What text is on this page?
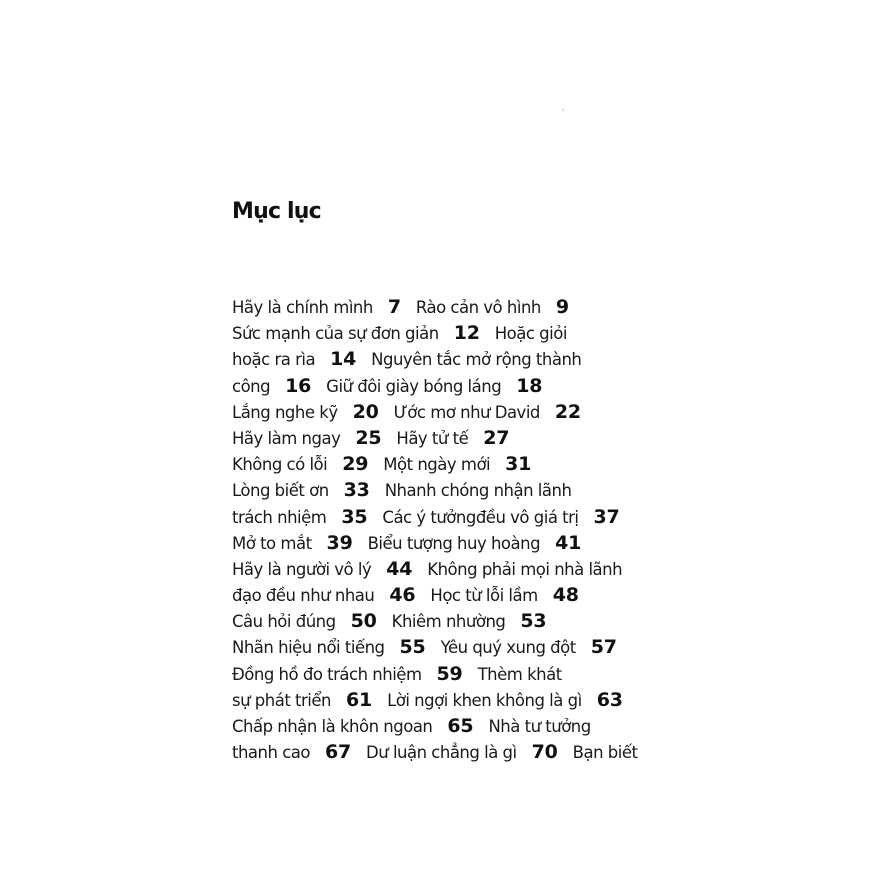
Mục lục
Hãy là chính mình 7 Rào cản vô hình 9
Sức mạnh của sự đơn giản 12 Hoặc giỏi
hoặc ra rìa 14 Nguyên tắc mở rộng thành
công 16 Giữ đôi giày bóng láng 18
Lắng nghe kỹ 20 Ước mơ như David 22
Hãy làm ngay 25 Hãy tử tế 27
Không có lỗi 29 Một ngày mới 31
Lòng biết ơn 33 Nhanh chóng nhận lãnh
trách nhiệm 35 Các ý tưởngđều vô giá trị 37
Mở to mắt 39 Biểu tượng huy hoàng 41
Hãy là người vô lý 44 Không phải mọi nhà lãnh
đạo đều như nhau 46 Học từ lỗi lầm 48
Câu hỏi đúng 50 Khiêm nhường 53
Nhãn hiệu nổi tiếng 55 Yêu quý xung đột 57
Đồng hồ đo trách nhiệm 59 Thèm khát
sự phát triển 61 Lời ngợi khen không là gì 63
Chấp nhận là khôn ngoan 65 Nhà tư tưởng
thanh cao 67 Dư luận chẳng là gì 70 Bạn biết
